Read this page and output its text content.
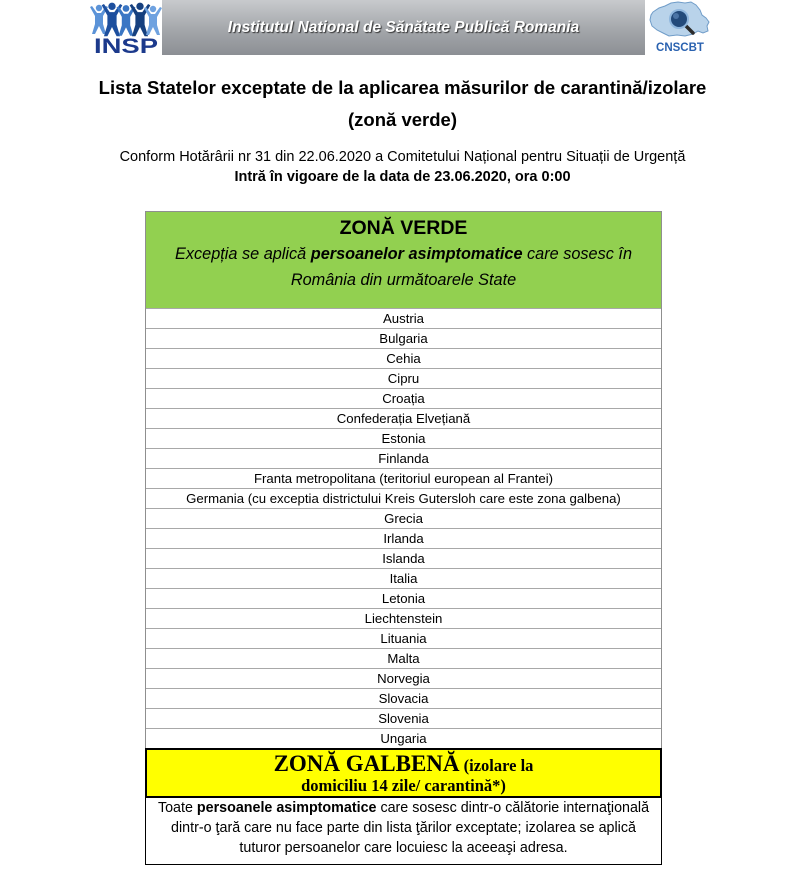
INSP
Institutul National de Sănătate Publică Romania
CNSCBT
Lista Statelor exceptate de la aplicarea măsurilor de carantină/izolare
(zonă verde)
Conform Hotărârii nr 31 din 22.06.2020 a Comitetului Național pentru Situații de Urgență
Intră în vigoare de la data de 23.06.2020, ora 0:00
ZONĂ VERDE
Excepția se aplică persoanelor asimptomatice care sosesc în
România din următoarele State
Austria
Bulgaria
Cehia
Cipru
Croația
Confederația Elvețiană
Estonia
Finlanda
Franta metropolitana (teritoriul european al Frantei)
Germania (cu exceptia districtului Kreis Gutersloh care este zona galbena)
Grecia
Irlanda
Islanda
Italia
Letonia
Liechtenstein
Lituania
Malta
Norvegia
Slovacia
Slovenia
Ungaria
ZONĂ GALBENĂ (izolare la
domiciliu 14 zile/ carantină*)
Toate persoanele asimptomatice care sosesc dintr-o călătorie internaţională
dintr-o ţară care nu face parte din lista ţărilor exceptate; izolarea se aplică
tuturor persoanelor care locuiesc la aceeaşi adresa.
